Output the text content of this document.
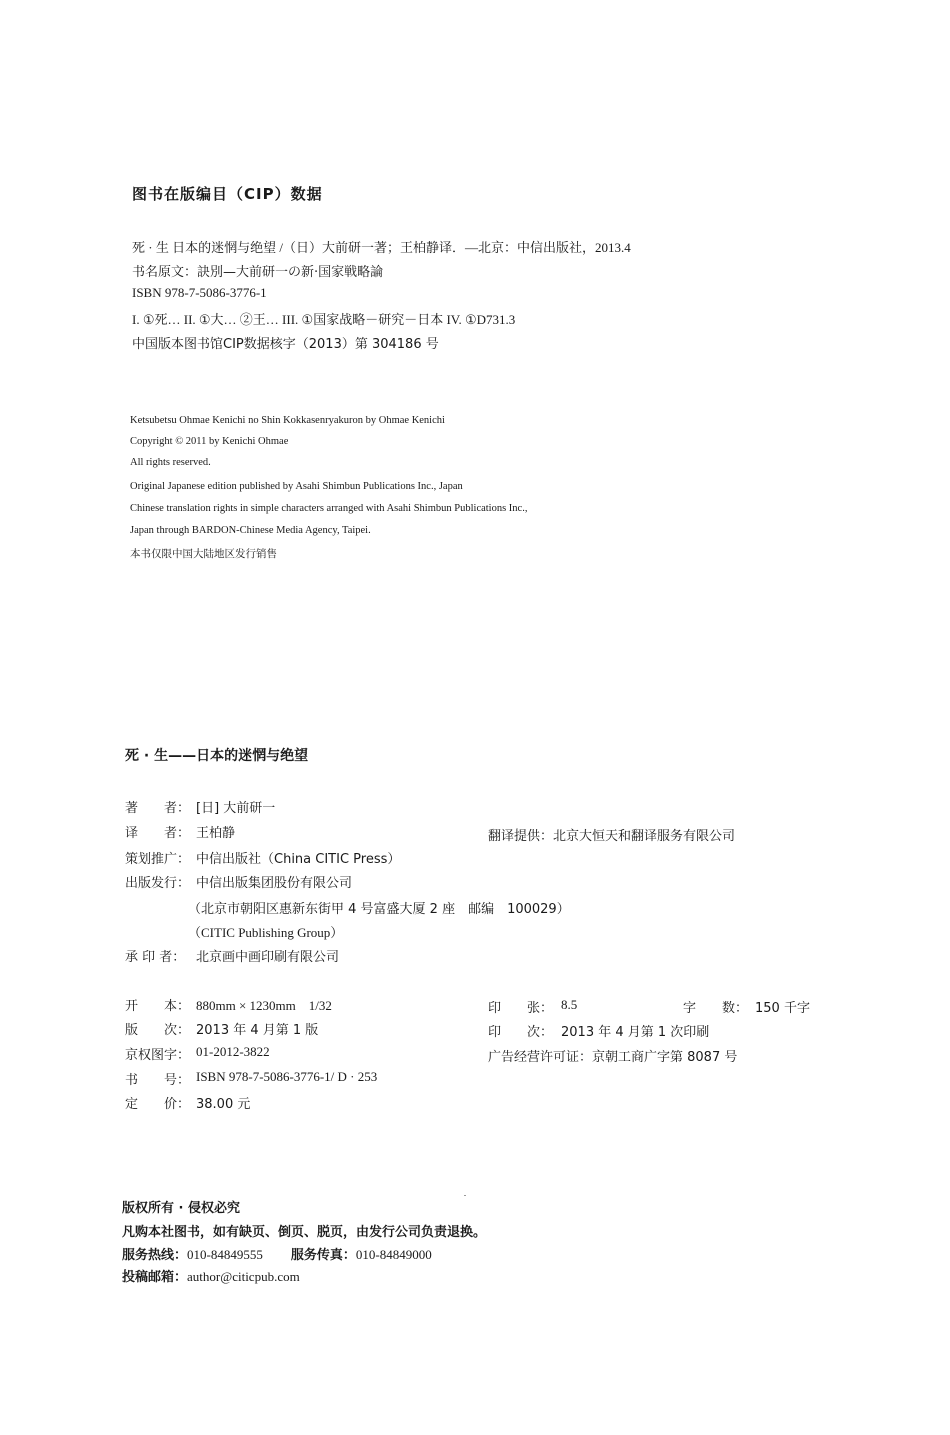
图书在版编目（CIP）数据
死 · 生 日本的迷惘与绝望 /（日）大前研一著；王柏静译．—北京：中信出版社，2013.4
书名原文：訣別—大前研一の新·国家戦略論
ISBN 978-7-5086-3776-1
I. ①死… II. ①大… ②王… III. ①国家战略－研究－日本 IV. ①D731.3
中国版本图书馆CIP数据核字（2013）第 304186 号
Ketsubetsu Ohmae Kenichi no Shin Kokkasenryakuron by Ohmae Kenichi
Copyright © 2011 by Kenichi Ohmae
All rights reserved.
Original Japanese edition published by Asahi Shimbun Publications Inc., Japan
Chinese translation rights in simple characters arranged with Asahi Shimbun Publications Inc.,
Japan through BARDON-Chinese Media Agency, Taipei.
本书仅限中国大陆地区发行销售
死 · 生——日本的迷惘与绝望
著　　者： [日] 大前研一
译　　者： 王柏静	翻译提供：北京大恒天和翻译服务有限公司
策划推广： 中信出版社（China CITIC Press）
出版发行： 中信出版集团股份有限公司
（北京市朝阳区惠新东街甲 4 号富盛大厦 2 座　邮编　100029）
（CITIC Publishing Group）
承 印 者： 北京画中画印刷有限公司
开　　本： 880mm × 1230mm　1/32	印　　张： 8.5	字　　数： 150 千字
版　　次： 2013 年 4 月第 1 版	印　　次： 2013 年 4 月第 1 次印刷
京权图字： 01-2012-3822	广告经营许可证：京朝工商广字第 8087 号
书　　号： ISBN 978-7-5086-3776-1/ D · 253
定　　价： 38.00 元
版权所有 · 侵权必究
凡购本社图书，如有缺页、倒页、脱页，由发行公司负责退换。
服务热线：010-84849555 服务传真：010-84849000
投稿邮箱：author@citicpub.com
